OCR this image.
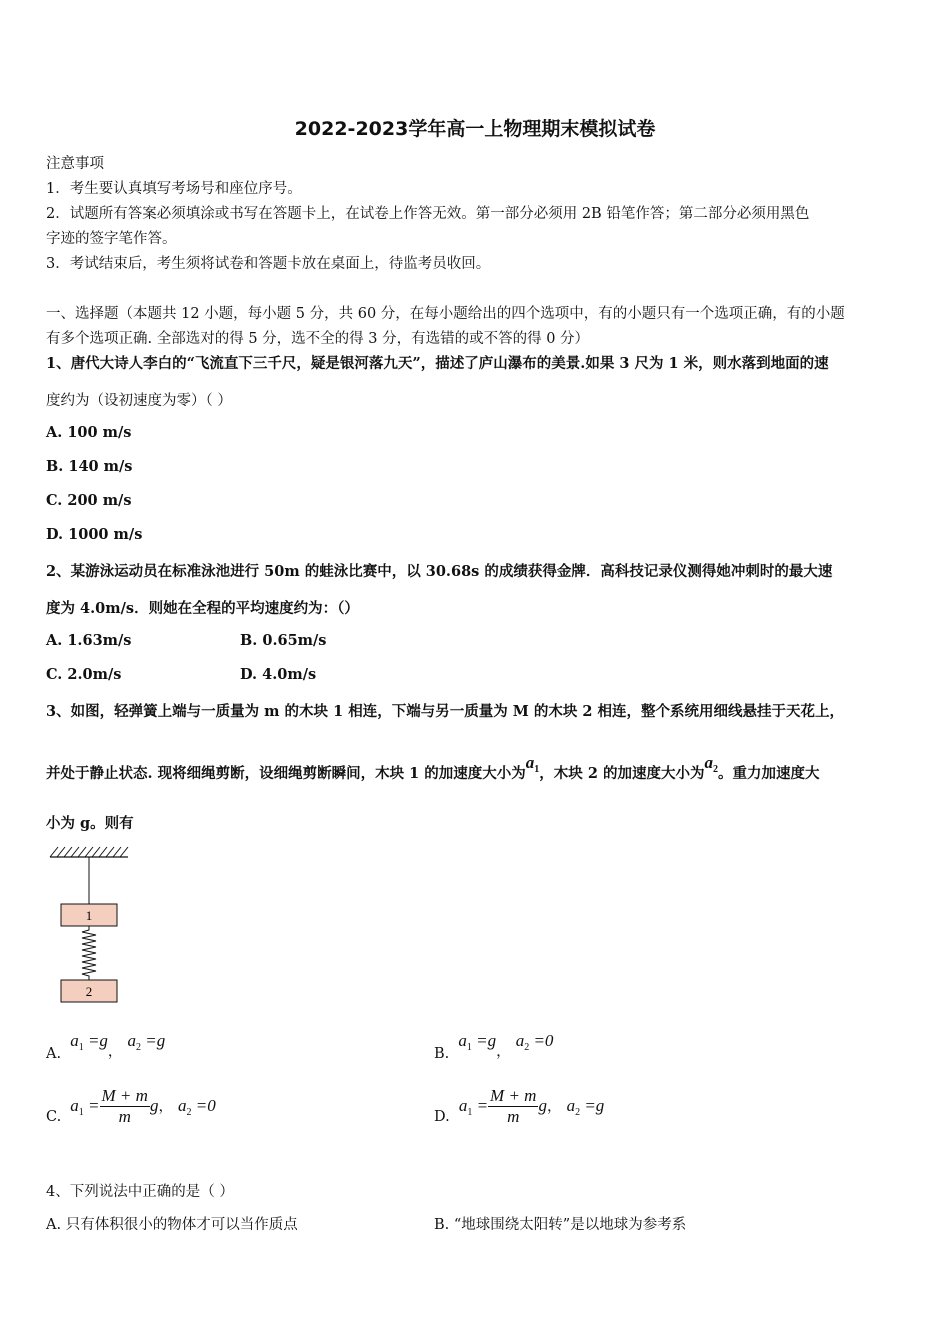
2022-2023学年高一上物理期末模拟试卷
注意事项
1．考生要认真填写考场号和座位序号。
2．试题所有答案必须填涂或书写在答题卡上，在试卷上作答无效。第一部分必须用 2B 铅笔作答；第二部分必须用黑色
字迹的签字笔作答。
3．考试结束后，考生须将试卷和答题卡放在桌面上，待监考员收回。
一、选择题（本题共 12 小题，每小题 5 分，共 60 分，在每小题给出的四个选项中，有的小题只有一个选项正确，有的小题
有多个选项正确. 全部选对的得 5 分，选不全的得 3 分，有选错的或不答的得 0 分）
1、唐代大诗人李白的“飞流直下三千尺，疑是银河落九天”，描述了庐山瀑布的美景.如果 3 尺为 1 米，则水落到地面的速
度约为（设初速度为零）（ ）
A. 100 m/s
B. 140 m/s
C. 200 m/s
D. 1000 m/s
2、某游泳运动员在标准泳池进行 50m 的蛙泳比赛中，以 30.68s 的成绩获得金牌．高科技记录仪测得她冲刺时的最大速
度为 4.0m/s．则她在全程的平均速度约为：（）
A. 1.63m/s	B. 0.65m/s
C. 2.0m/s	D. 4.0m/s
3、如图，轻弹簧上端与一质量为 m 的木块 1 相连，下端与另一质量为 M 的木块 2 相连，整个系统用细线悬挂于天花上，
并处于静止状态. 现将细绳剪断，设细绳剪断瞬间，木块 1 的加速度大小为$a_1$，木块 2 的加速度大小为$a_2$。重力加速度大
小为 g。则有
1
2
A. $a_1 =g$， $a_2 =g$
B. $a_1 =g$， $a_2 =0$
C. $a_1 = \frac{M + m}{m}$ g， $a_2 =0$
D. $a_1 = \frac{M + m}{m}$ g， $a_2 =g$
4、下列说法中正确的是（ ）
A. 只有体积很小的物体才可以当作质点	B. “地球围绕太阳转”是以地球为参考系
